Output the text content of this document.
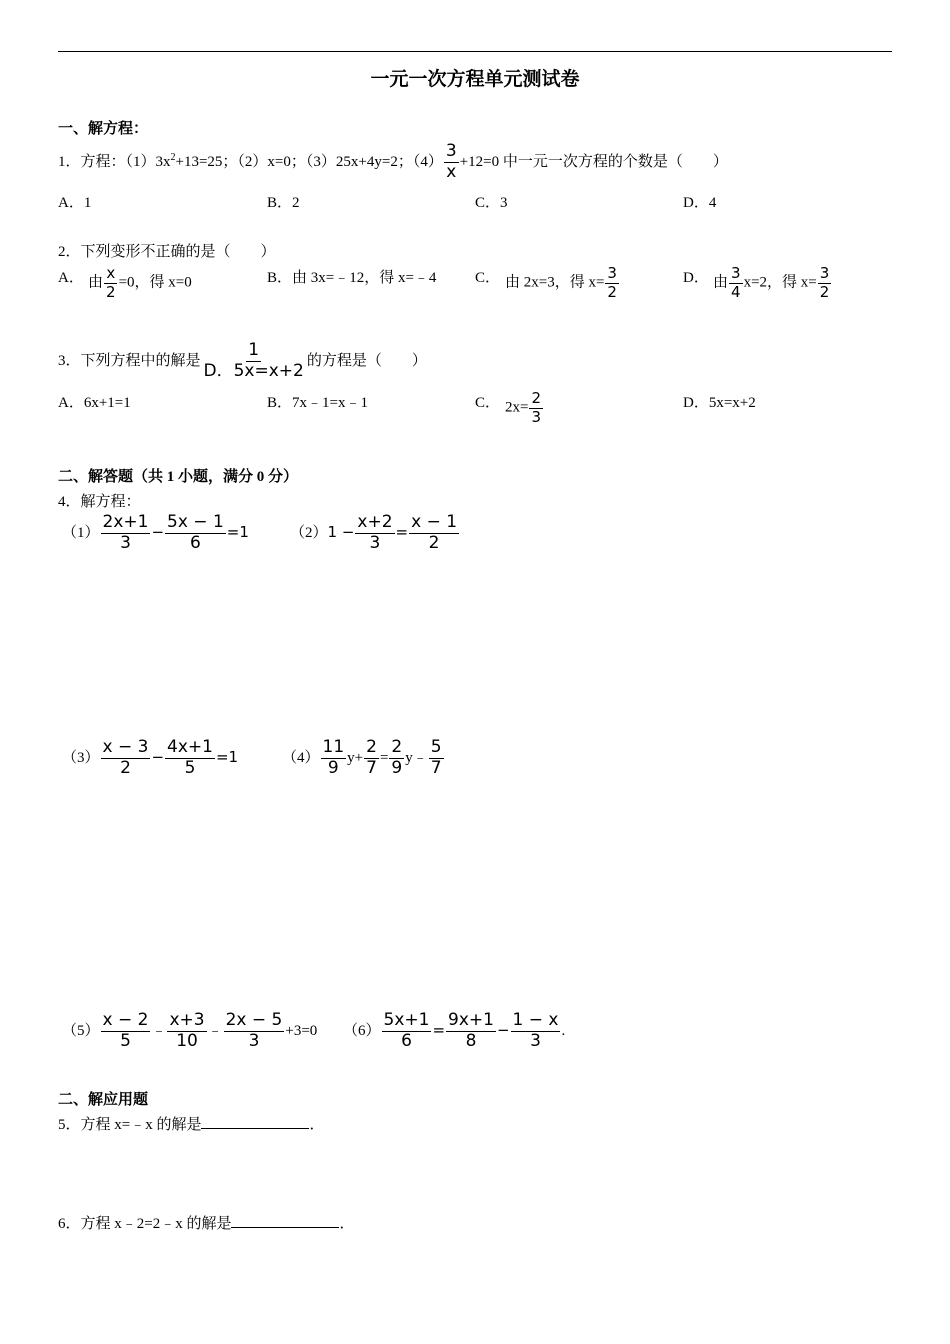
一元一次方程单元测试卷
一、解方程：
1．方程：$(1)3x^2+13=25$；（2）x=0；（3）25x+4y=2；$(4) \frac{3}{x} +12=0$ 中一元一次方程的个数是（　　）
A．1	B．2	C．3	D．4
2．下列变形不正确的是（　　）
A． 由 $\frac{x}{2} =0$，得 x=0	B．由 3x=﹣12，得 x=﹣4	C． 由 2x=3，得 $x= \frac{3}{2}$	D． 由 $\frac{3}{4} x=2$，得 $x= \frac{3}{2}$
3．下列方程中的解是 $\frac{1}{D.5x=x+2}$ 的方程是（　　）
A．6x+1=1	B．7x﹣1=x﹣1	C． $2x= \frac{2}{3}$	D．5x=x+2
二、解答题（共 1 小题，满分 0 分）
4．解方程：
$(1) \frac{2x+1}{3} - \frac{5x - 1}{6} =1$	$(2)1 - \frac{x+2}{3} = \frac{x - 1}{2}$
$(3) \frac{x - 3}{2} - \frac{4x+1}{5} =1$	$(4) \frac{11}{9} y+ \frac{2}{7} = \frac{2}{9}$ y﹣ $\frac{5}{7}$
$(5) \frac{x - 2}{5}$ ﹣ $\frac{x+3}{10}$ ﹣ $\frac{2x - 5}{3} +3=0$ $(6) \frac{5x+1}{6} = \frac{9x+1}{8} - \frac{1 - x}{3}$ .
二、解应用题
5．方程 x=﹣x 的解是	．
6．方程 x﹣2=2﹣x 的解是	．
